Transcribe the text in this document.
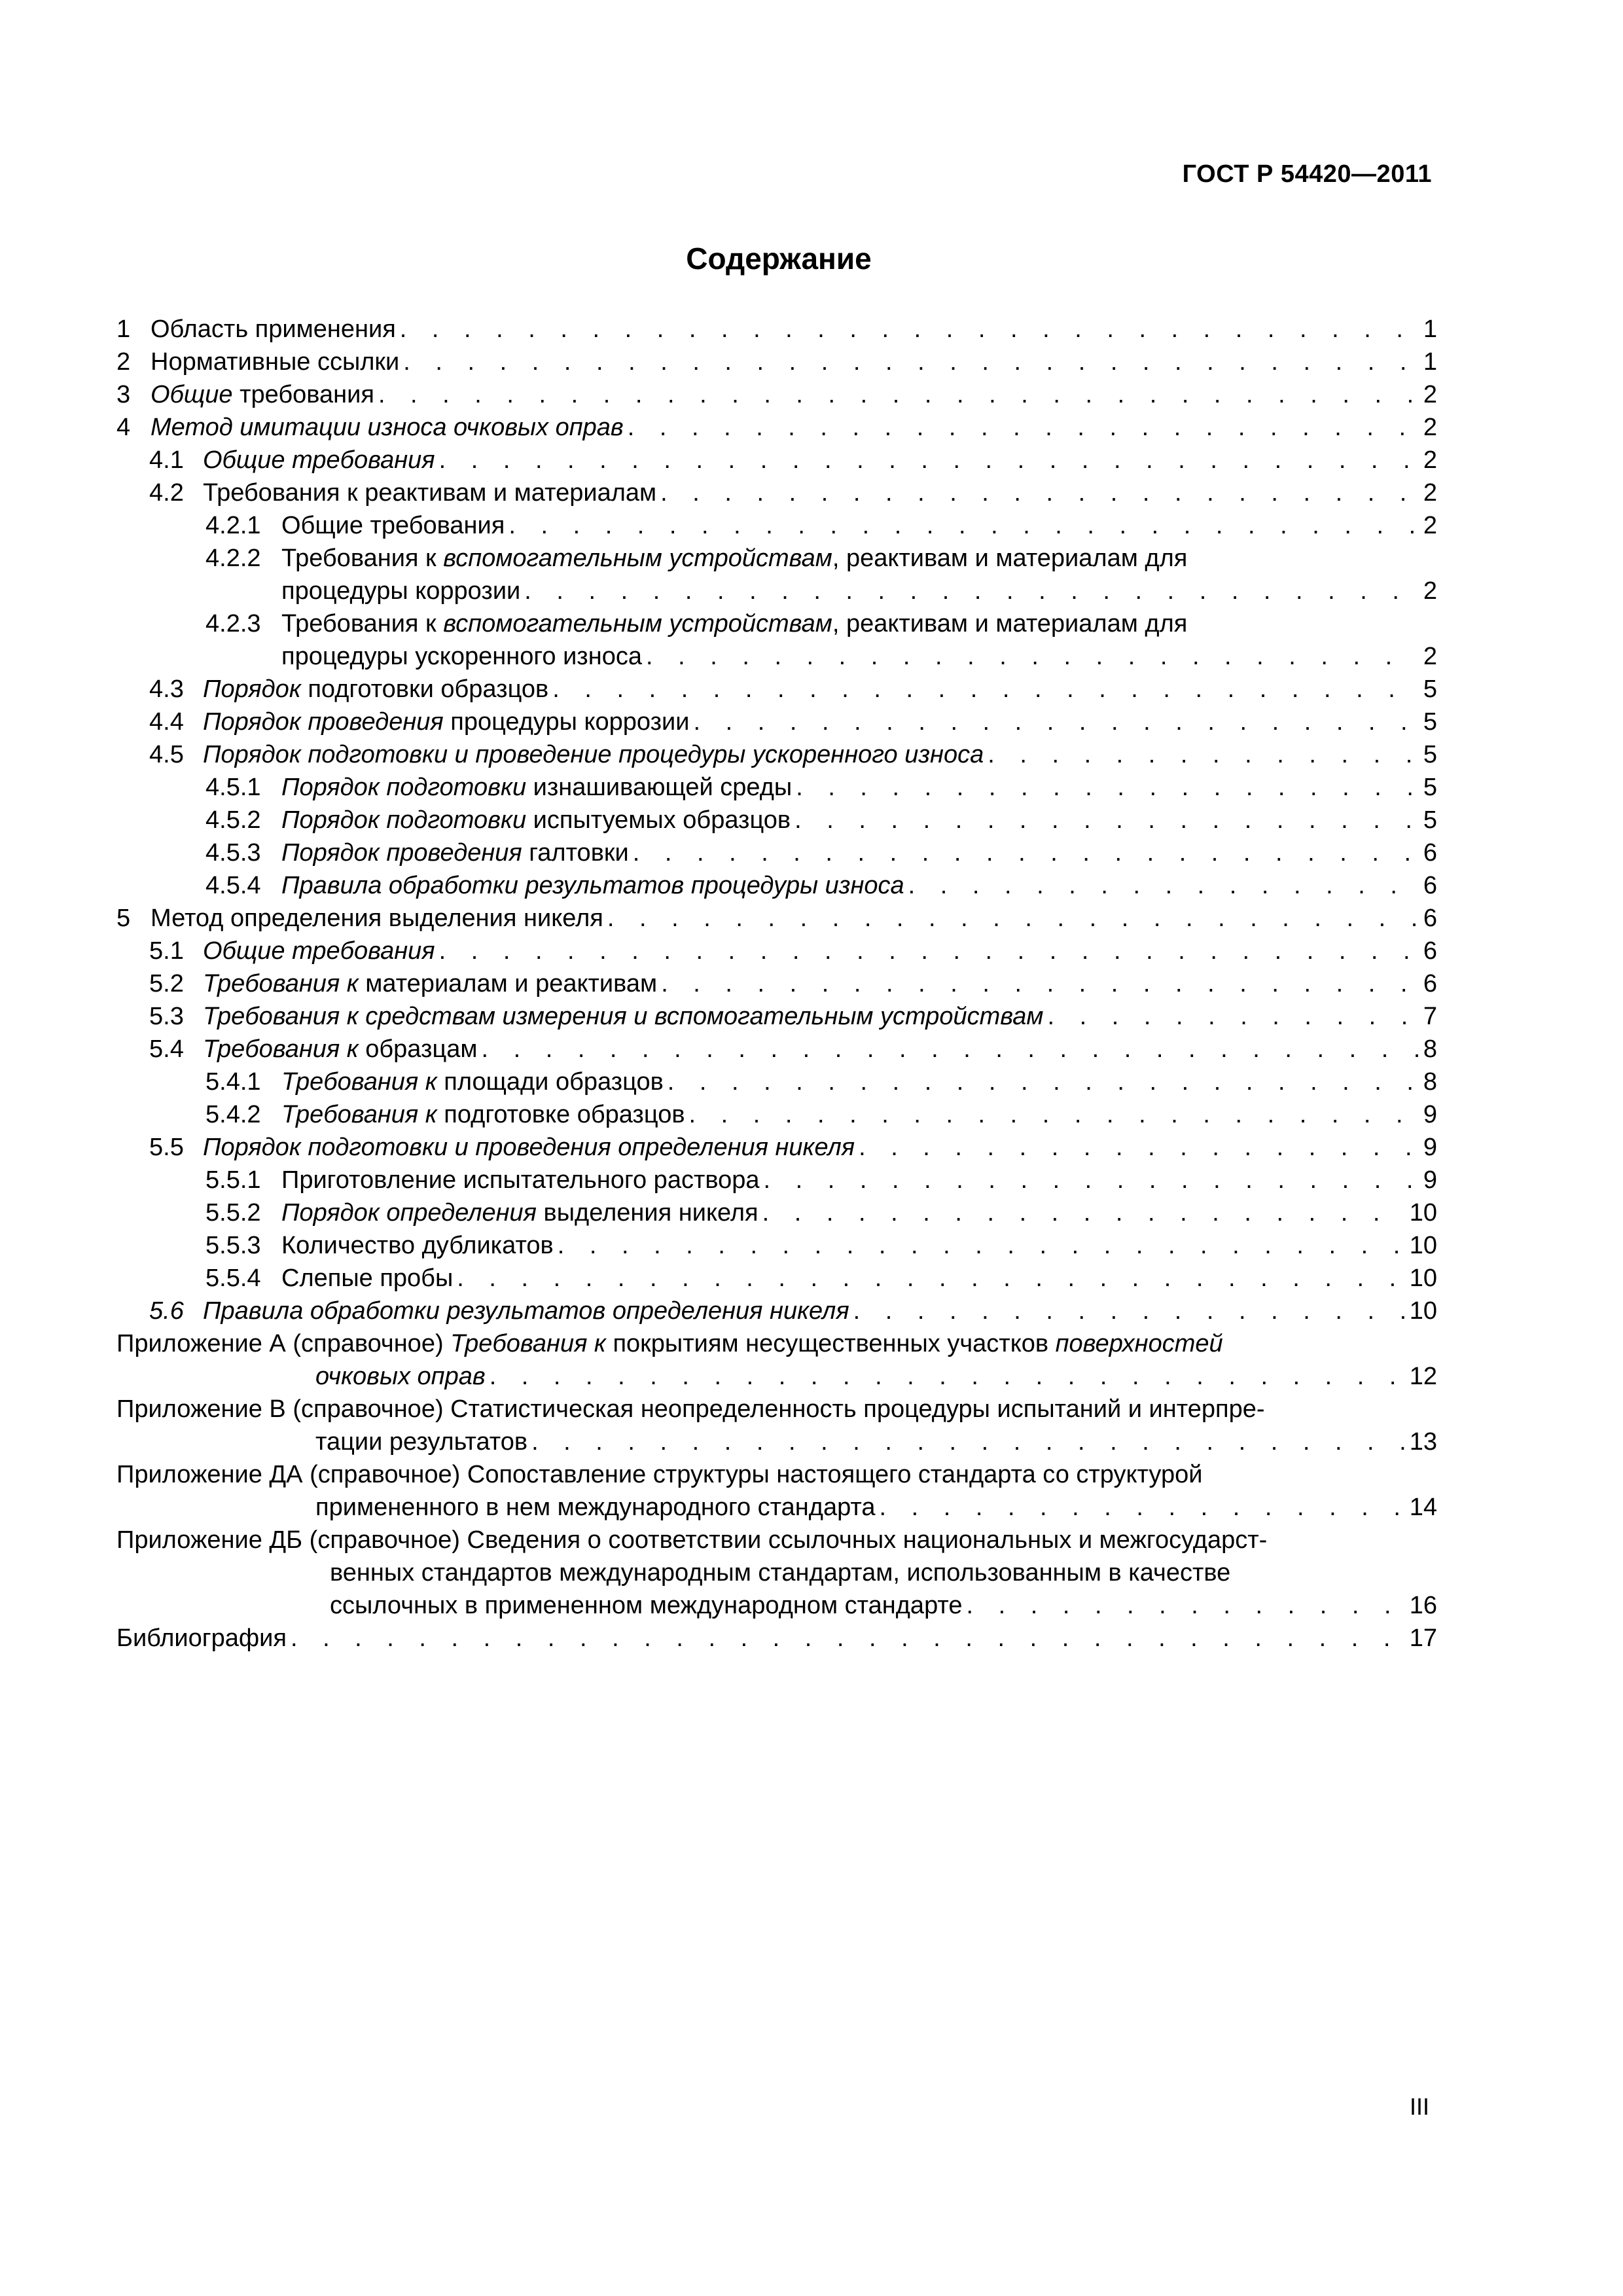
ГОСТ Р 54420—2011
Содержание
1 Область применения . . .	1
2 Нормативные ссылки . . .	1
3 Общие требования . . .	2
4 Метод имитации износа очковых оправ . . .	2
4.1 Общие требования . . .	2
4.2 Требования к реактивам и материалам . . .	2
4.2.1 Общие требования . . .	2
4.2.2 Требования к вспомогательным устройствам, реактивам и материалам для
процедуры коррозии . . .	2
4.2.3 Требования к вспомогательным устройствам, реактивам и материалам для
процедуры ускоренного износа . . .	2
4.3 Порядок подготовки образцов . . .	5
4.4 Порядок проведения процедуры коррозии . . .	5
4.5 Порядок подготовки и проведение процедуры ускоренного износа . . .	5
4.5.1 Порядок подготовки изнашивающей среды . . .	5
4.5.2 Порядок подготовки испытуемых образцов . . .	5
4.5.3 Порядок проведения галтовки . . .	6
4.5.4 Правила обработки результатов процедуры износа . . .	6
5 Метод определения выделения никеля . . .	6
5.1 Общие требования . . .	6
5.2 Требования к материалам и реактивам . . .	6
5.3 Требования к средствам измерения и вспомогательным устройствам . . .	7
5.4 Требования к образцам . . .	8
5.4.1 Требования к площади образцов . . .	8
5.4.2 Требования к подготовке образцов . . .	9
5.5 Порядок подготовки и проведения определения никеля . . .	9
5.5.1 Приготовление испытательного раствора . . .	9
5.5.2 Порядок определения выделения никеля . . .	10
5.5.3 Количество дубликатов . . .	10
5.5.4 Слепые пробы . . .	10
5.6 Правила обработки результатов определения никеля . . .	10
Приложение А (справочное) Требования к покрытиям несущественных участков поверхностей
очковых оправ . . .	12
Приложение В (справочное) Статистическая неопределенность процедуры испытаний и интерпре-
тации результатов . . .	13
Приложение ДА (справочное) Сопоставление структуры настоящего стандарта со структурой
примененного в нем международного стандарта . . .	14
Приложение ДБ (справочное) Сведения о соответствии ссылочных национальных и межгосударст-
венных стандартов международным стандартам, использованным в качестве
ссылочных в примененном международном стандарте . . .	16
Библиография . . .	17
III
